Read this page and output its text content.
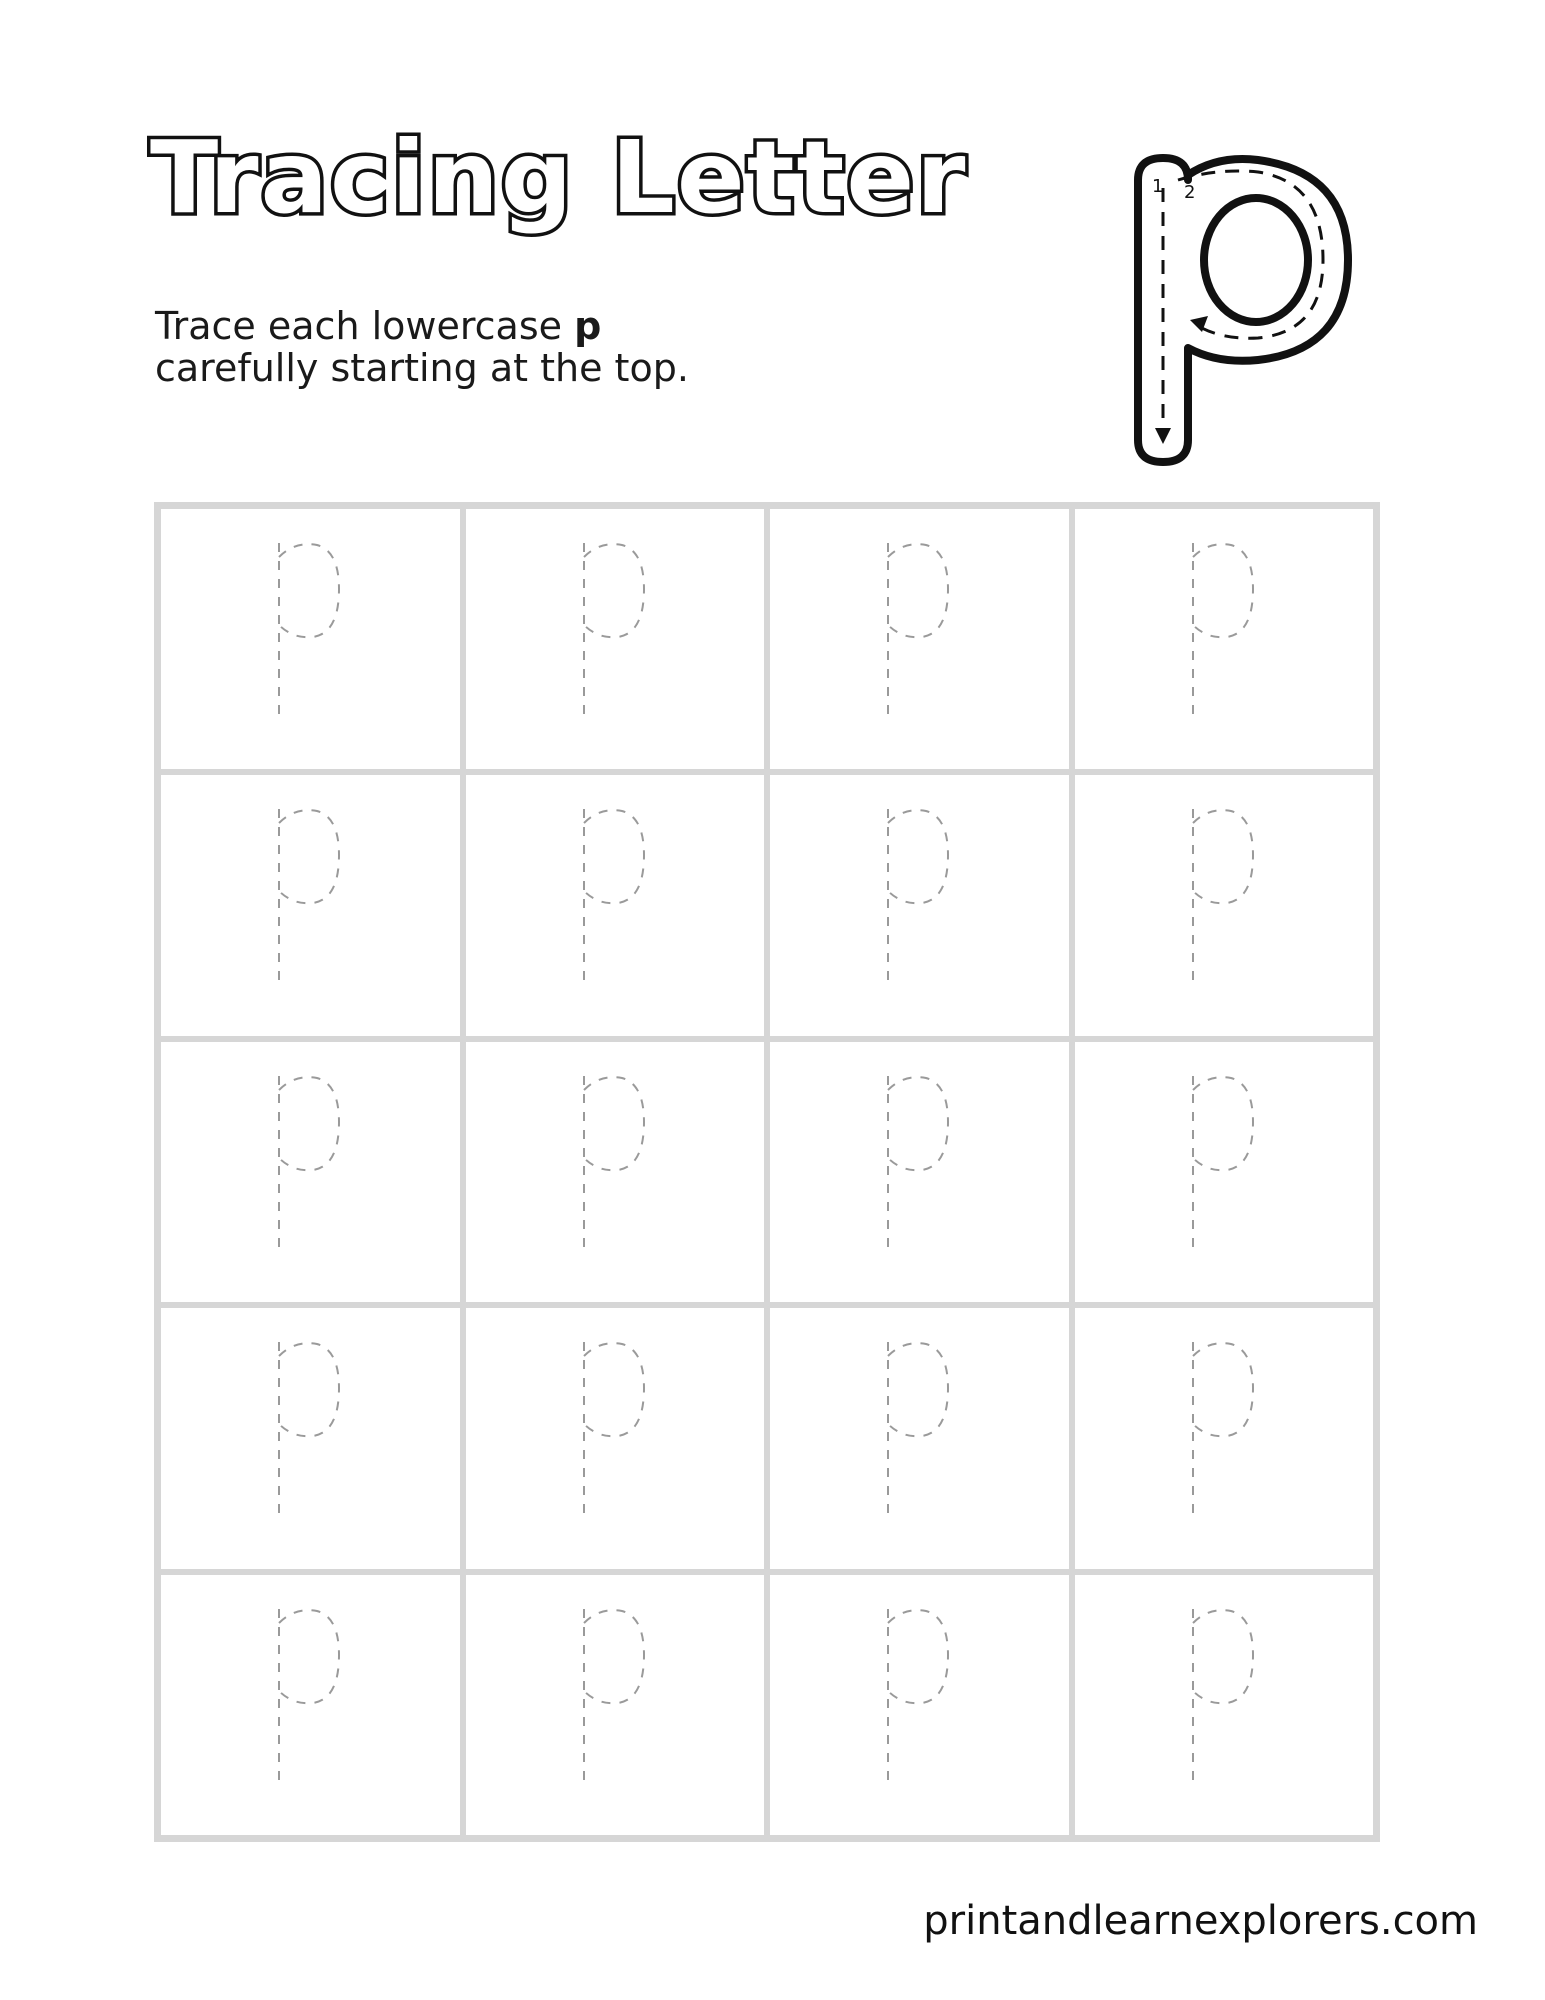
Tracing Letter

Trace each lowercase p
carefully starting at the top.

1 2

printandlearnexplorers.com
